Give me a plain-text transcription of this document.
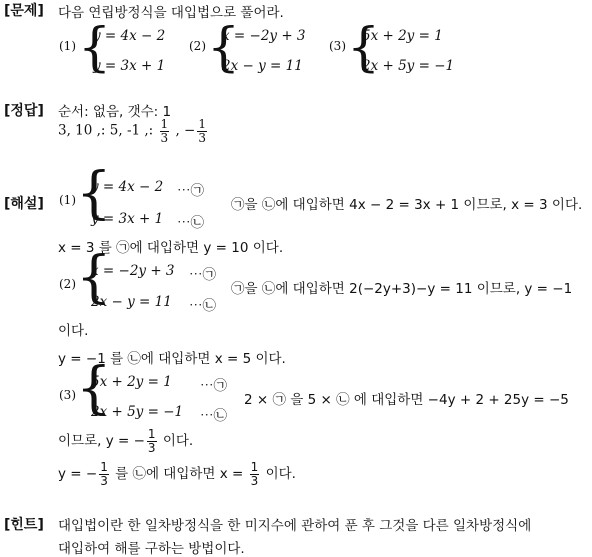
[문제] 다음 연립방정식을 대입법으로 풀어라.
(1) {
y = 4x − 2
y = 3x + 1
(2) {
x = −2y + 3
2x − y = 11
(3) {
5x + 2y = 1
2x + 5y = −1
[정답] 순서: 없음, 갯수: 1
3, 10 ,: 5, -1 ,: $\frac{1}{3}$ , − $\frac{1}{3}$
[해설] (1) {
y = 4x − 2 ⋯㉠
y = 3x + 1 ⋯㉡
㉠을 ㉡에 대입하면 4x − 2 = 3x + 1 이므로, x = 3 이다.
x = 3 를 ㉠에 대입하면 y = 10 이다.
(2) {
x = −2y + 3 ⋯㉠
2x − y = 11 ⋯㉡
㉠을 ㉡에 대입하면 2(−2y+3)−y = 11 이므로, y = −1
이다.
y = −1 를 ㉡에 대입하면 x = 5 이다.
(3) {
5x + 2y = 1 ⋯㉠
2x + 5y = −1 ⋯㉡
2 × ㉠ 을 5 × ㉡ 에 대입하면 −4y + 2 + 25y = −5
이므로, y = − $\frac{1}{3}$ 이다.
y = − $\frac{1}{3}$ 를 ㉡에 대입하면 $x = \frac{1}{3}$ 이다.
[힌트] 대입법이란 한 일차방정식을 한 미지수에 관하여 푼 후 그것을 다른 일차방정식에
대입하여 해를 구하는 방법이다.
